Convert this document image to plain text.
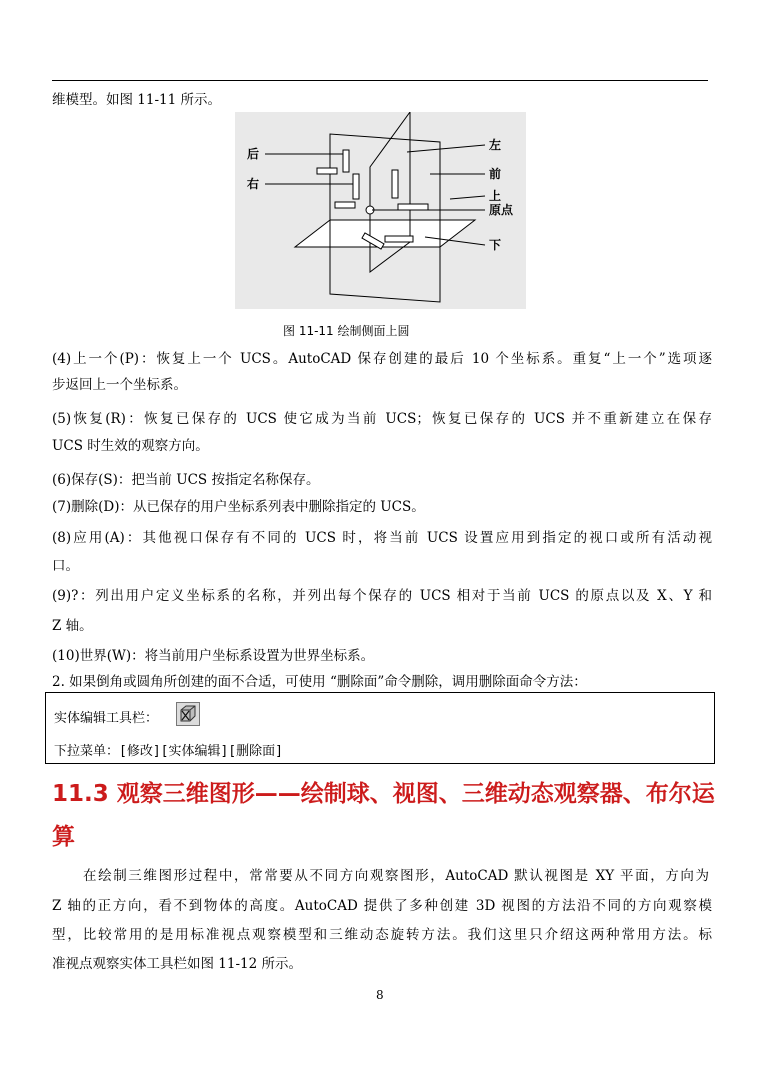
维模型。如图 11-11 所示。
后
右
左
前
上
原点
下
图 11-11 绘制侧面上圆
(4)上一个(P)：恢复上一个 UCS。AutoCAD 保存创建的最后 10 个坐标系。重复“上一个”选项逐
步返回上一个坐标系。
(5)恢复(R)：恢复已保存的 UCS 使它成为当前 UCS；恢复已保存的 UCS 并不重新建立在保存
UCS 时生效的观察方向。
(6)保存(S)：把当前 UCS 按指定名称保存。
(7)删除(D)：从已保存的用户坐标系列表中删除指定的 UCS。
(8)应用(A)：其他视口保存有不同的 UCS 时，将当前 UCS 设置应用到指定的视口或所有活动视
口。
(9)?：列出用户定义坐标系的名称，并列出每个保存的 UCS 相对于当前 UCS 的原点以及 X、Y 和
Z 轴。
(10)世界(W)：将当前用户坐标系设置为世界坐标系。
2. 如果倒角或圆角所创建的面不合适，可使用 “删除面”命令删除，调用删除面命令方法：
实体编辑工具栏：
下拉菜单：[修改][实体编辑][删除面]
11.3 观察三维图形——绘制球、视图、三维动态观察器、布尔运
算
在绘制三维图形过程中，常常要从不同方向观察图形，AutoCAD 默认视图是 XY 平面，方向为
Z 轴的正方向，看不到物体的高度。AutoCAD 提供了多种创建 3D 视图的方法沿不同的方向观察模
型，比较常用的是用标准视点观察模型和三维动态旋转方法。我们这里只介绍这两种常用方法。标
准视点观察实体工具栏如图 11-12 所示。
8
